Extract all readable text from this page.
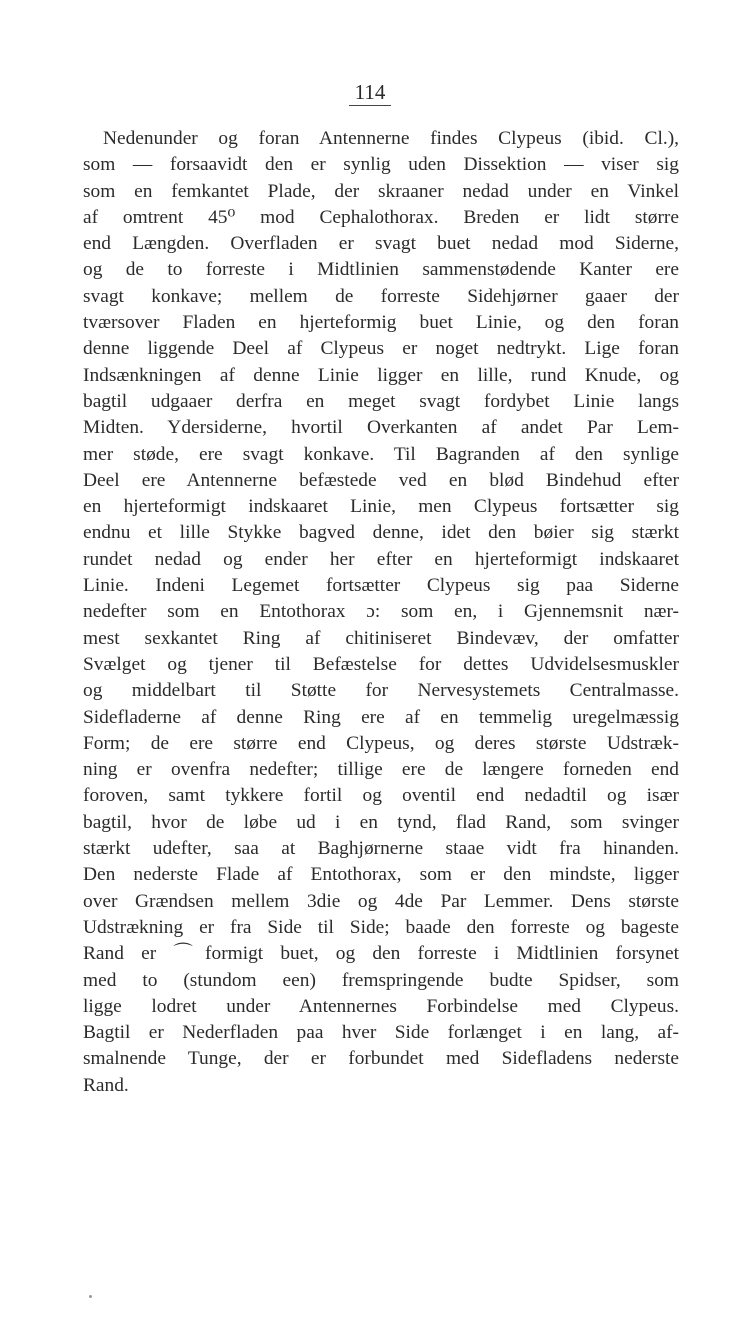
114
Nedenunder og foran Antennerne findes Clypeus (ibid. Cl.),
som — forsaavidt den er synlig uden Dissektion — viser sig
som en femkantet Plade, der skraaner nedad under en Vinkel
af omtrent 45⁰ mod Cephalothorax. Breden er lidt større
end Længden. Overfladen er svagt buet nedad mod Siderne,
og de to forreste i Midtlinien sammenstødende Kanter ere
svagt konkave; mellem de forreste Sidehjørner gaaer der
tværsover Fladen en hjerteformig buet Linie, og den foran
denne liggende Deel af Clypeus er noget nedtrykt. Lige foran
Indsænkningen af denne Linie ligger en lille, rund Knude, og
bagtil udgaaer derfra en meget svagt fordybet Linie langs
Midten. Ydersiderne, hvortil Overkanten af andet Par Lem-
mer støde, ere svagt konkave. Til Bagranden af den synlige
Deel ere Antennerne befæstede ved en blød Bindehud efter
en hjerteformigt indskaaret Linie, men Clypeus fortsætter sig
endnu et lille Stykke bagved denne, idet den bøier sig stærkt
rundet nedad og ender her efter en hjerteformigt indskaaret
Linie. Indeni Legemet fortsætter Clypeus sig paa Siderne
nedefter som en Entothorax ɔ: som en, i Gjennemsnit nær-
mest sexkantet Ring af chitiniseret Bindevæv, der omfatter
Svælget og tjener til Befæstelse for dettes Udvidelsesmuskler
og middelbart til Støtte for Nervesystemets Centralmasse.
Sidefladerne af denne Ring ere af en temmelig uregelmæssig
Form; de ere større end Clypeus, og deres største Udstræk-
ning er ovenfra nedefter; tillige ere de længere forneden end
foroven, samt tykkere fortil og oventil end nedadtil og især
bagtil, hvor de løbe ud i en tynd, flad Rand, som svinger
stærkt udefter, saa at Baghjørnerne staae vidt fra hinanden.
Den nederste Flade af Entothorax, som er den mindste, ligger
over Grændsen mellem 3die og 4de Par Lemmer. Dens største
Udstrækning er fra Side til Side; baade den forreste og bageste
Rand er ⌒formigt buet, og den forreste i Midtlinien forsynet
med to (stundom een) fremspringende budte Spidser, som
ligge lodret under Antennernes Forbindelse med Clypeus.
Bagtil er Nederfladen paa hver Side forlænget i en lang, af-
smalnende Tunge, der er forbundet med Sidefladens nederste
Rand.
